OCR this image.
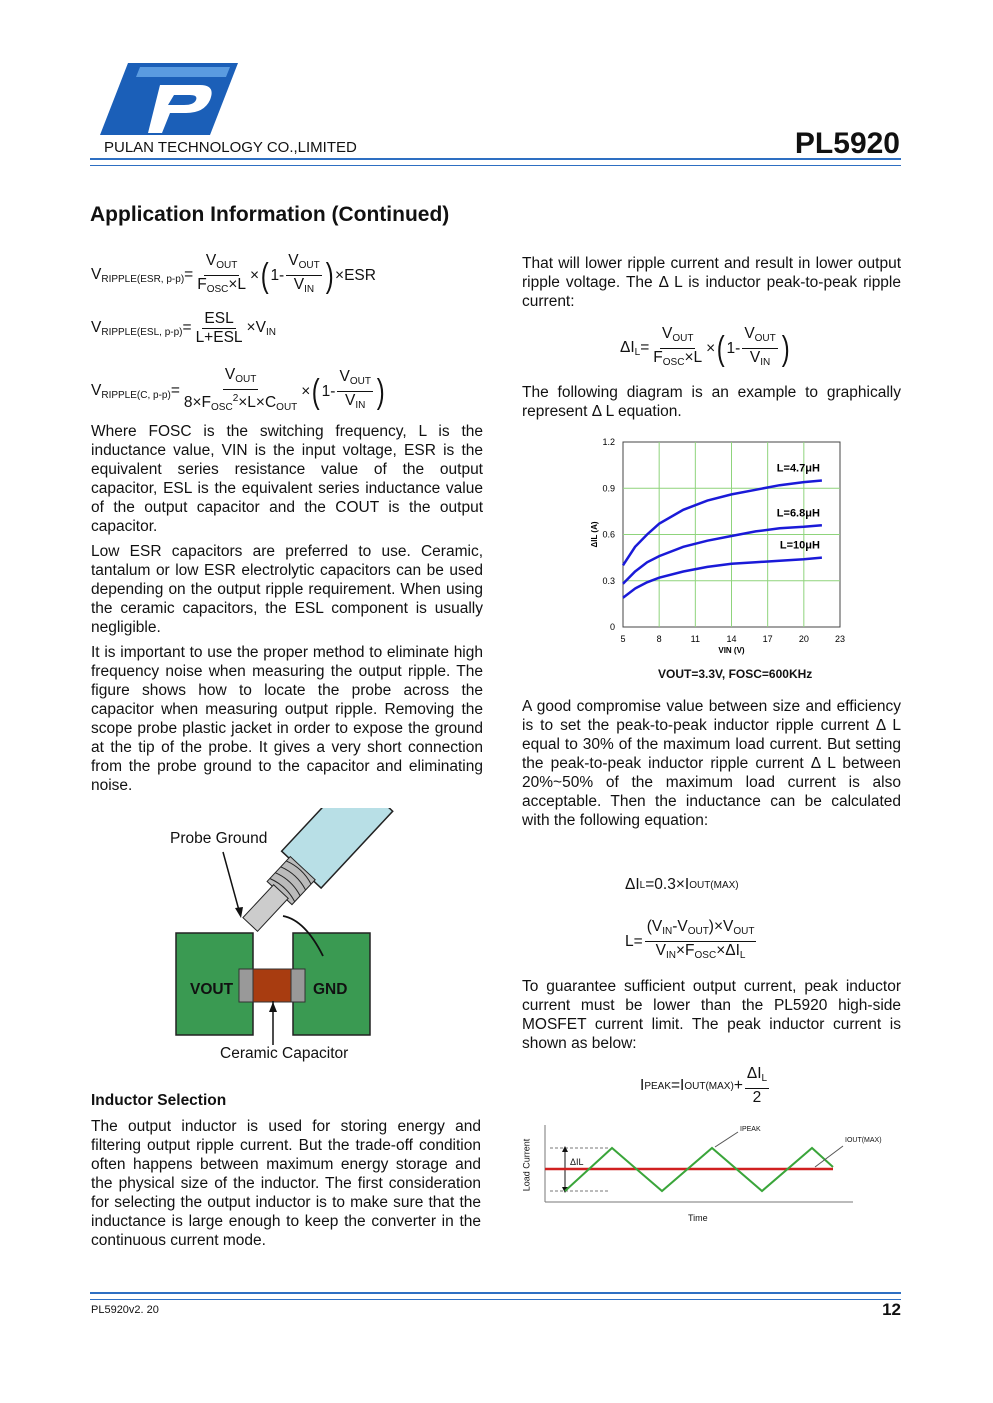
PULAN TECHNOLOGY CO.,LIMITED	PL5920
Application Information (Continued)
$V_{RIPPLE(ESR, p-p)}= \frac{V_{OUT}}{F_{OSC}\times L}$ × ( $1- \frac{V_{OUT}}{V_{IN}}$ ) ×ESR
$V_{RIPPLE(ESL, p-p)}= \frac{\text{ESL}}{\text{L+ESL}} \times V_{IN}$
$V_{RIPPLE(C, p-p)}= \frac{V_{OUT}}{8\times F_{OSC}^2\times L\times C_{OUT}}$ × ( $1- \frac{V_{OUT}}{V_{IN}}$ )

Where FOSC is the switching frequency, L is the inductance value, VIN is the input voltage, ESR is the equivalent series resistance value of the output capacitor, ESL is the equivalent series inductance value of the output capacitor and the COUT is the output capacitor.

Low ESR capacitors are preferred to use. Ceramic, tantalum or low ESR electrolytic capacitors can be used depending on the output ripple requirement. When using the ceramic capacitors, the ESL component is usually negligible.

It is important to use the proper method to eliminate high frequency noise when measuring the output ripple. The figure shows how to locate the probe across the capacitor when measuring output ripple. Removing the scope probe plastic jacket in order to expose the ground at the tip of the probe. It gives a very short connection from the probe ground to the capacitor and eliminating noise.

Probe Ground
VOUT	GND
Ceramic Capacitor
Inductor Selection

The output inductor is used for storing energy and filtering output ripple current. But the trade-off condition often happens between maximum energy storage and the physical size of the inductor. The first consideration for selecting the output inductor is to make sure that the inductance is large enough to keep the converter in the continuous current mode.

That will lower ripple current and result in lower output ripple voltage. The Δ L is inductor peak-to-peak ripple current:

$\Delta I_L= \frac{V_{OUT}}{F_{OSC}\times L}$ × ( $1- \frac{V_{OUT}}{V_{IN}}$ )

The following diagram is an example to graphically represent Δ L equation.

5	8	11	14	17	20	23
0
0.3
0.6
0.9
1.2
VIN (V)
ΔIL (A)
L=4.7μH
L=6.8μH
L=10μH
VOUT=3.3V, FOSC=600KHz

A good compromise value between size and efficiency is to set the peak-to-peak inductor ripple current Δ L equal to 30% of the maximum load current. But setting the peak-to-peak inductor ripple current Δ L between 20%~50% of the maximum load current is also acceptable. Then the inductance can be calculated with the following equation:

ΔI L =0.3×I OUT(MAX)
$L= \frac{(V_{IN}-V_{OUT})\times V_{OUT}}{V_{IN}\times F_{OSC}\times\Delta I_L}$

To guarantee sufficient output current, peak inductor current must be lower than the PL5920 high-side MOSFET current limit. The peak inductor current is shown as below:

I PEAK =I $OUT(MAX) + \frac{\Delta I_L}{2}$
Load Current
Time
IPEAK
IOUT(MAX)
ΔIL
PL5920v2. 20	12
